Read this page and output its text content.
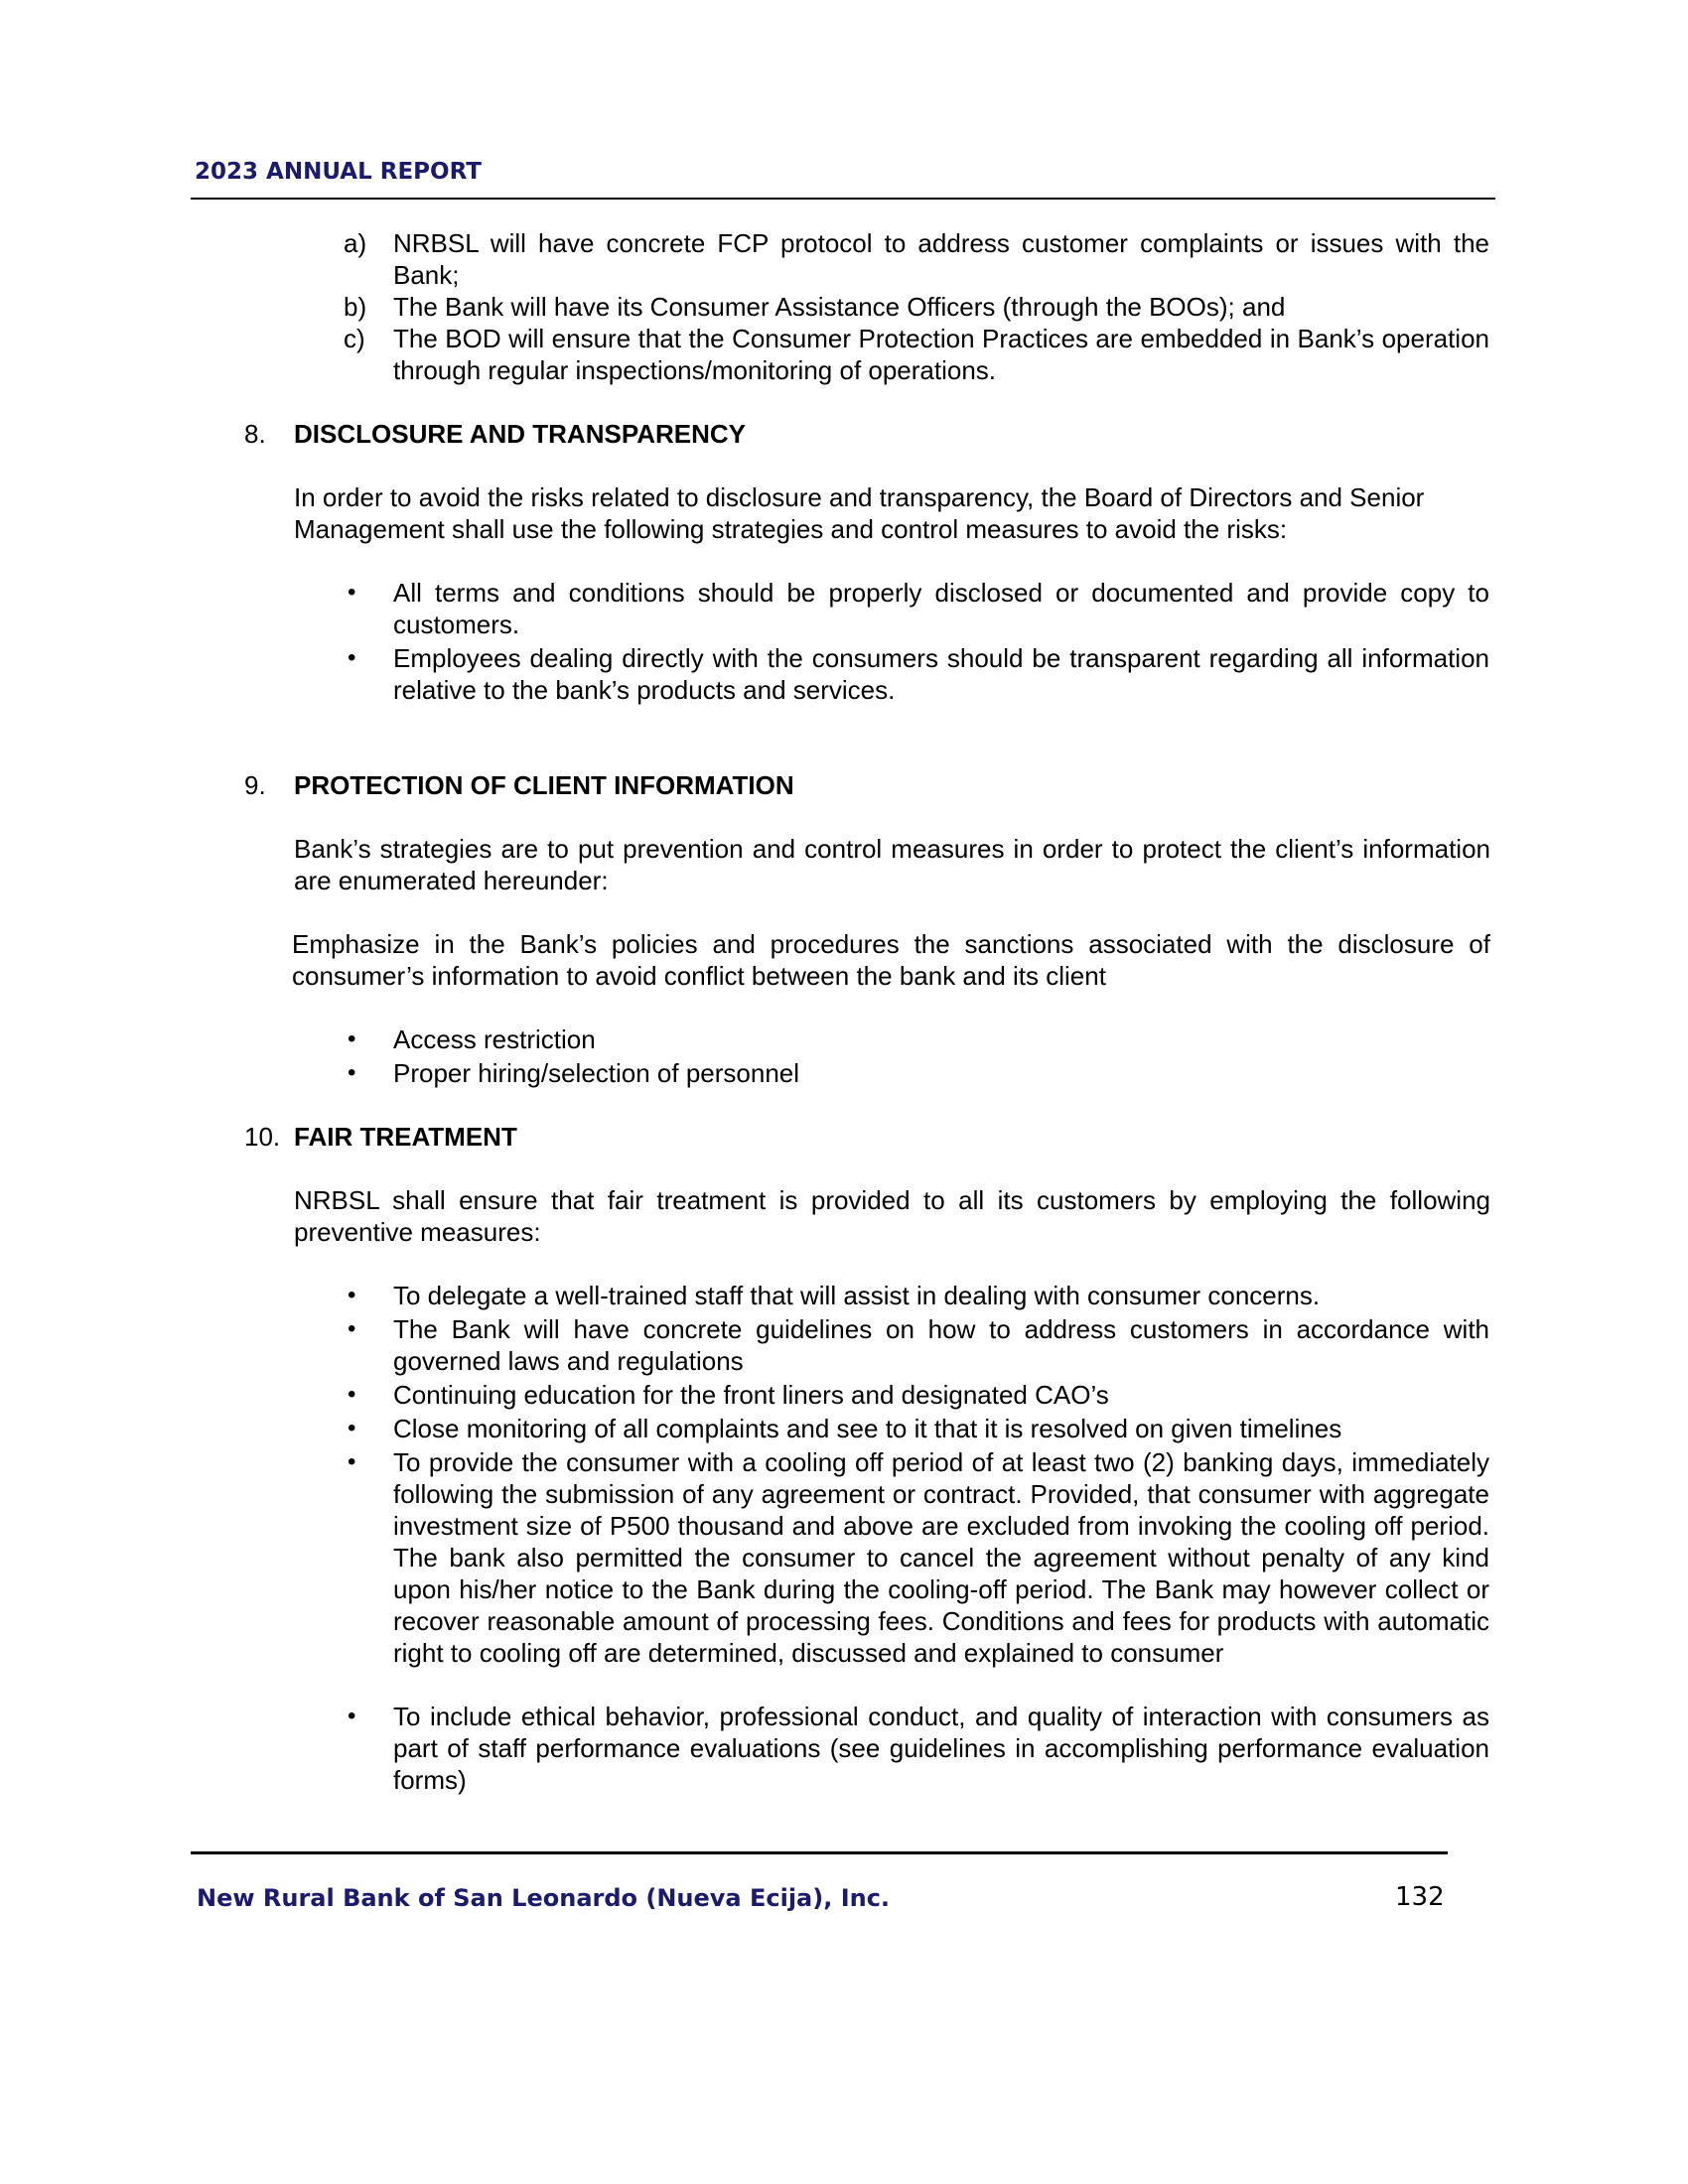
2023 ANNUAL REPORT
a) NRBSL will have concrete FCP protocol to address customer complaints or issues with the Bank;
b) The Bank will have its Consumer Assistance Officers (through the BOOs); and
c) The BOD will ensure that the Consumer Protection Practices are embedded in Bank’s operation through regular inspections/monitoring of operations.
8. DISCLOSURE AND TRANSPARENCY
In order to avoid the risks related to disclosure and transparency, the Board of Directors and Senior Management shall use the following strategies and control measures to avoid the risks:
• All terms and conditions should be properly disclosed or documented and provide copy to customers.
• Employees dealing directly with the consumers should be transparent regarding all information relative to the bank’s products and services.
9. PROTECTION OF CLIENT INFORMATION
Bank’s strategies are to put prevention and control measures in order to protect the client’s information are enumerated hereunder:
Emphasize in the Bank’s policies and procedures the sanctions associated with the disclosure of consumer’s information to avoid conflict between the bank and its client
• Access restriction
• Proper hiring/selection of personnel
10. FAIR TREATMENT
NRBSL shall ensure that fair treatment is provided to all its customers by employing the following preventive measures:
• To delegate a well-trained staff that will assist in dealing with consumer concerns.
• The Bank will have concrete guidelines on how to address customers in accordance with governed laws and regulations
• Continuing education for the front liners and designated CAO’s
• Close monitoring of all complaints and see to it that it is resolved on given timelines
• To provide the consumer with a cooling off period of at least two (2) banking days, immediately following the submission of any agreement or contract. Provided, that consumer with aggregate investment size of P500 thousand and above are excluded from invoking the cooling off period. The bank also permitted the consumer to cancel the agreement without penalty of any kind upon his/her notice to the Bank during the cooling-off period. The Bank may however collect or recover reasonable amount of processing fees. Conditions and fees for products with automatic right to cooling off are determined, discussed and explained to consumer
• To include ethical behavior, professional conduct, and quality of interaction with consumers as part of staff performance evaluations (see guidelines in accomplishing performance evaluation forms)
New Rural Bank of San Leonardo (Nueva Ecija), Inc.	132
